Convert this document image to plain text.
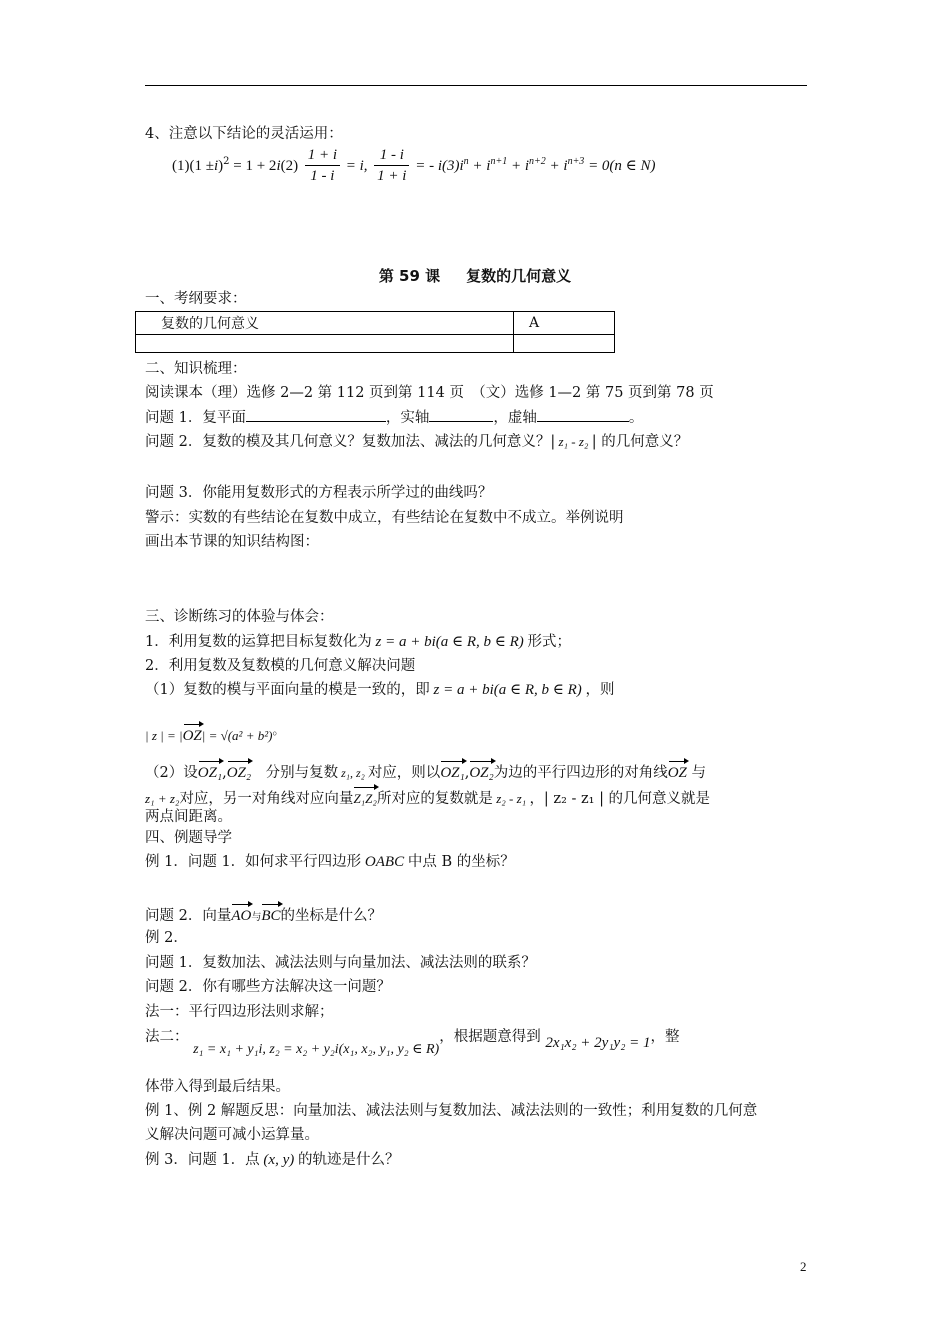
4、注意以下结论的灵活运用：
$(1)(1 \pm i)^2 = 1 + 2i(2) \frac{1 + i}{1 - i} = i$, $\frac{1 - i}{1 + i}$ = - $i(3)i^n + i^{n+1} + i^{n+2} + i^{n+3} = 0(n$ ∈ N)
第 59 课 复数的几何意义
一、考纲要求：
复数的几何意义	A

二、知识梳理：
阅读课本（理）选修 2—2 第 112 页到第 114 页　（文）选修 1—2 第 75 页到第 78 页
问题 1．复平面	，实轴	，虚轴	。
问题 2．复数的模及其几何意义？复数加法、减法的几何意义？| z₁ - z₂ | 的几何意义？
问题 3．你能用复数形式的方程表示所学过的曲线吗？
警示：实数的有些结论在复数中成立，有些结论在复数中不成立。举例说明
画出本节课的知识结构图：
三、诊断练习的体验与体会：
1．利用复数的运算把目标复数化为 z = a + bi(a ∈ R, b ∈ R) 形式；
2．利用复数及复数模的几何意义解决问题
（1）复数的模与平面向量的模是一致的，即 z = a + bi(a ∈ R, b ∈ R) ，则
| z | = |OZ| = √(a² + b²)。
（2）设OZ₁,OZ₂　分别与复数 z₁, z₂ 对应，则以OZ₁,OZ₂为边的平行四边形的对角线OZ 与
z₁ + z₂对应，另一对角线对应向量Z₁Z₂所对应的复数就是 z₂ - z₁ ，| z₂ - z₁ | 的几何意义就是
两点间距离。
四、例题导学
例 1．问题 1．如何求平行四边形 OABC 中点 B 的坐标？
问题 2．向量AO与BC的坐标是什么？
例 2．
问题 1．复数加法、减法法则与向量加法、减法法则的联系？
问题 2．你有哪些方法解决这一问题？
法一：平行四边形法则求解；
法二： z₁ = x₁ + y₁i, z₂ = x₂ + y₂i(x₁, x₂, y₁, y₂ ∈ R)，根据题意得到 2x₁x₂ + 2y₁y₂ = 1，整
体带入得到最后结果。
例 1、例 2 解题反思：向量加法、减法法则与复数加法、减法法则的一致性；利用复数的几何意
义解决问题可减小运算量。
例 3．问题 1．点 (x, y) 的轨迹是什么？
2
